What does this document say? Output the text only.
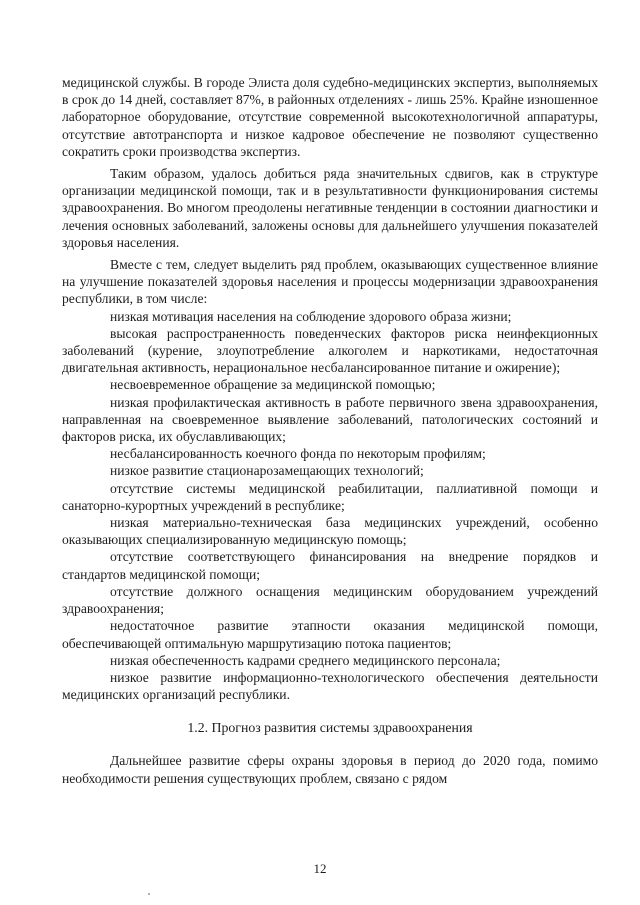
медицинской службы. В городе Элиста доля судебно-медицинских экспертиз, выполняемых в срок до 14 дней, составляет 87%, в районных отделениях - лишь 25%. Крайне изношенное лабораторное оборудование, отсутствие современной высокотехнологичной аппаратуры, отсутствие автотранспорта и низкое кадровое обеспечение не позволяют существенно сократить сроки производства экспертиз.

Таким образом, удалось добиться ряда значительных сдвигов, как в структуре организации медицинской помощи, так и в результативности функционирования системы здравоохранения. Во многом преодолены негативные тенденции в состоянии диагностики и лечения основных заболеваний, заложены основы для дальнейшего улучшения показателей здоровья населения.

Вместе с тем, следует выделить ряд проблем, оказывающих существенное влияние на улучшение показателей здоровья населения и процессы модернизации здравоохранения республики, в том числе:

низкая мотивация населения на соблюдение здорового образа жизни;

высокая распространенность поведенческих факторов риска неинфекционных заболеваний (курение, злоупотребление алкоголем и наркотиками, недостаточная двигательная активность, нерациональное несбалансированное питание и ожирение);

несвоевременное обращение за медицинской помощью;

низкая профилактическая активность в работе первичного звена здравоохранения, направленная на своевременное выявление заболеваний, патологических состояний и факторов риска, их обуславливающих;

несбалансированность коечного фонда по некоторым профилям;

низкое развитие стационарозамещающих технологий;

отсутствие системы медицинской реабилитации, паллиативной помощи и санаторно-курортных учреждений в республике;

низкая материально-техническая база медицинских учреждений, особенно оказывающих специализированную медицинскую помощь;

отсутствие соответствующего финансирования на внедрение порядков и стандартов медицинской помощи;

отсутствие должного оснащения медицинским оборудованием учреждений здравоохранения;

недостаточное развитие этапности оказания медицинской помощи, обеспечивающей оптимальную маршрутизацию потока пациентов;

низкая обеспеченность кадрами среднего медицинского персонала;

низкое развитие информационно-технологического обеспечения деятельности медицинских организаций республики.

1.2. Прогноз развития системы здравоохранения

Дальнейшее развитие сферы охраны здоровья в период до 2020 года, помимо необходимости решения существующих проблем, связано с рядом

12
